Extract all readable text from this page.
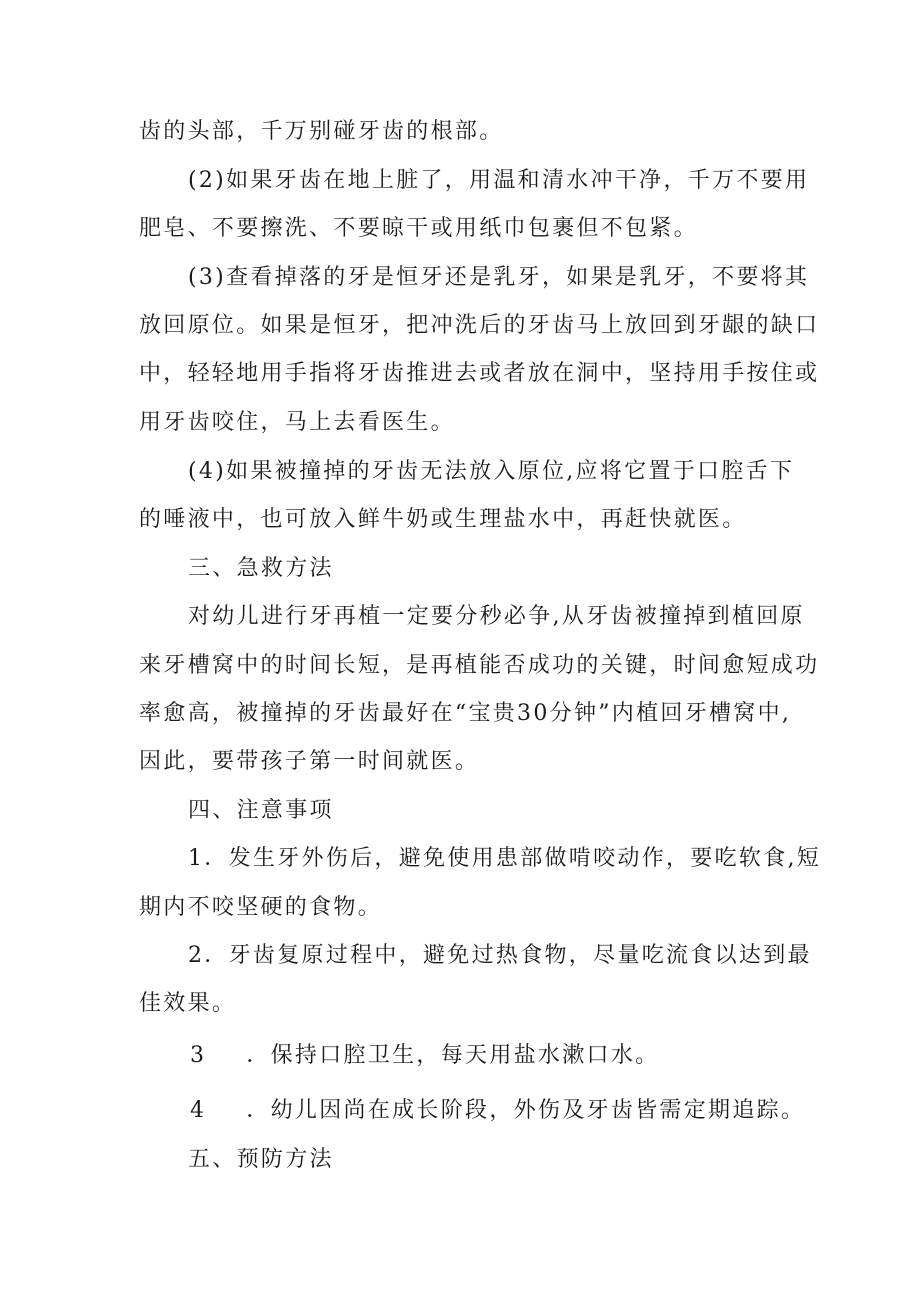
齿的头部，千万别碰牙齿的根部。
(2)如果牙齿在地上脏了，用温和清水冲干净，千万不要用
肥皂、不要擦洗、不要晾干或用纸巾包裹但不包紧。
(3)查看掉落的牙是恒牙还是乳牙，如果是乳牙，不要将其
放回原位。如果是恒牙，把冲洗后的牙齿马上放回到牙龈的缺口
中，轻轻地用手指将牙齿推进去或者放在洞中，坚持用手按住或
用牙齿咬住，马上去看医生。
(4)如果被撞掉的牙齿无法放入原位,应将它置于口腔舌下
的唾液中，也可放入鲜牛奶或生理盐水中，再赶快就医。
三、急救方法
对幼儿进行牙再植一定要分秒必争,从牙齿被撞掉到植回原
来牙槽窝中的时间长短，是再植能否成功的关键，时间愈短成功
率愈高，被撞掉的牙齿最好在“宝贵30分钟”内植回牙槽窝中,
因此，要带孩子第一时间就医。
四、注意事项
1．发生牙外伤后，避免使用患部做啃咬动作，要吃软食,短
期内不咬坚硬的食物。
2．牙齿复原过程中，避免过热食物，尽量吃流食以达到最
佳效果。
3 ．保持口腔卫生，每天用盐水漱口水。
4 ．幼儿因尚在成长阶段，外伤及牙齿皆需定期追踪。
五、预防方法
